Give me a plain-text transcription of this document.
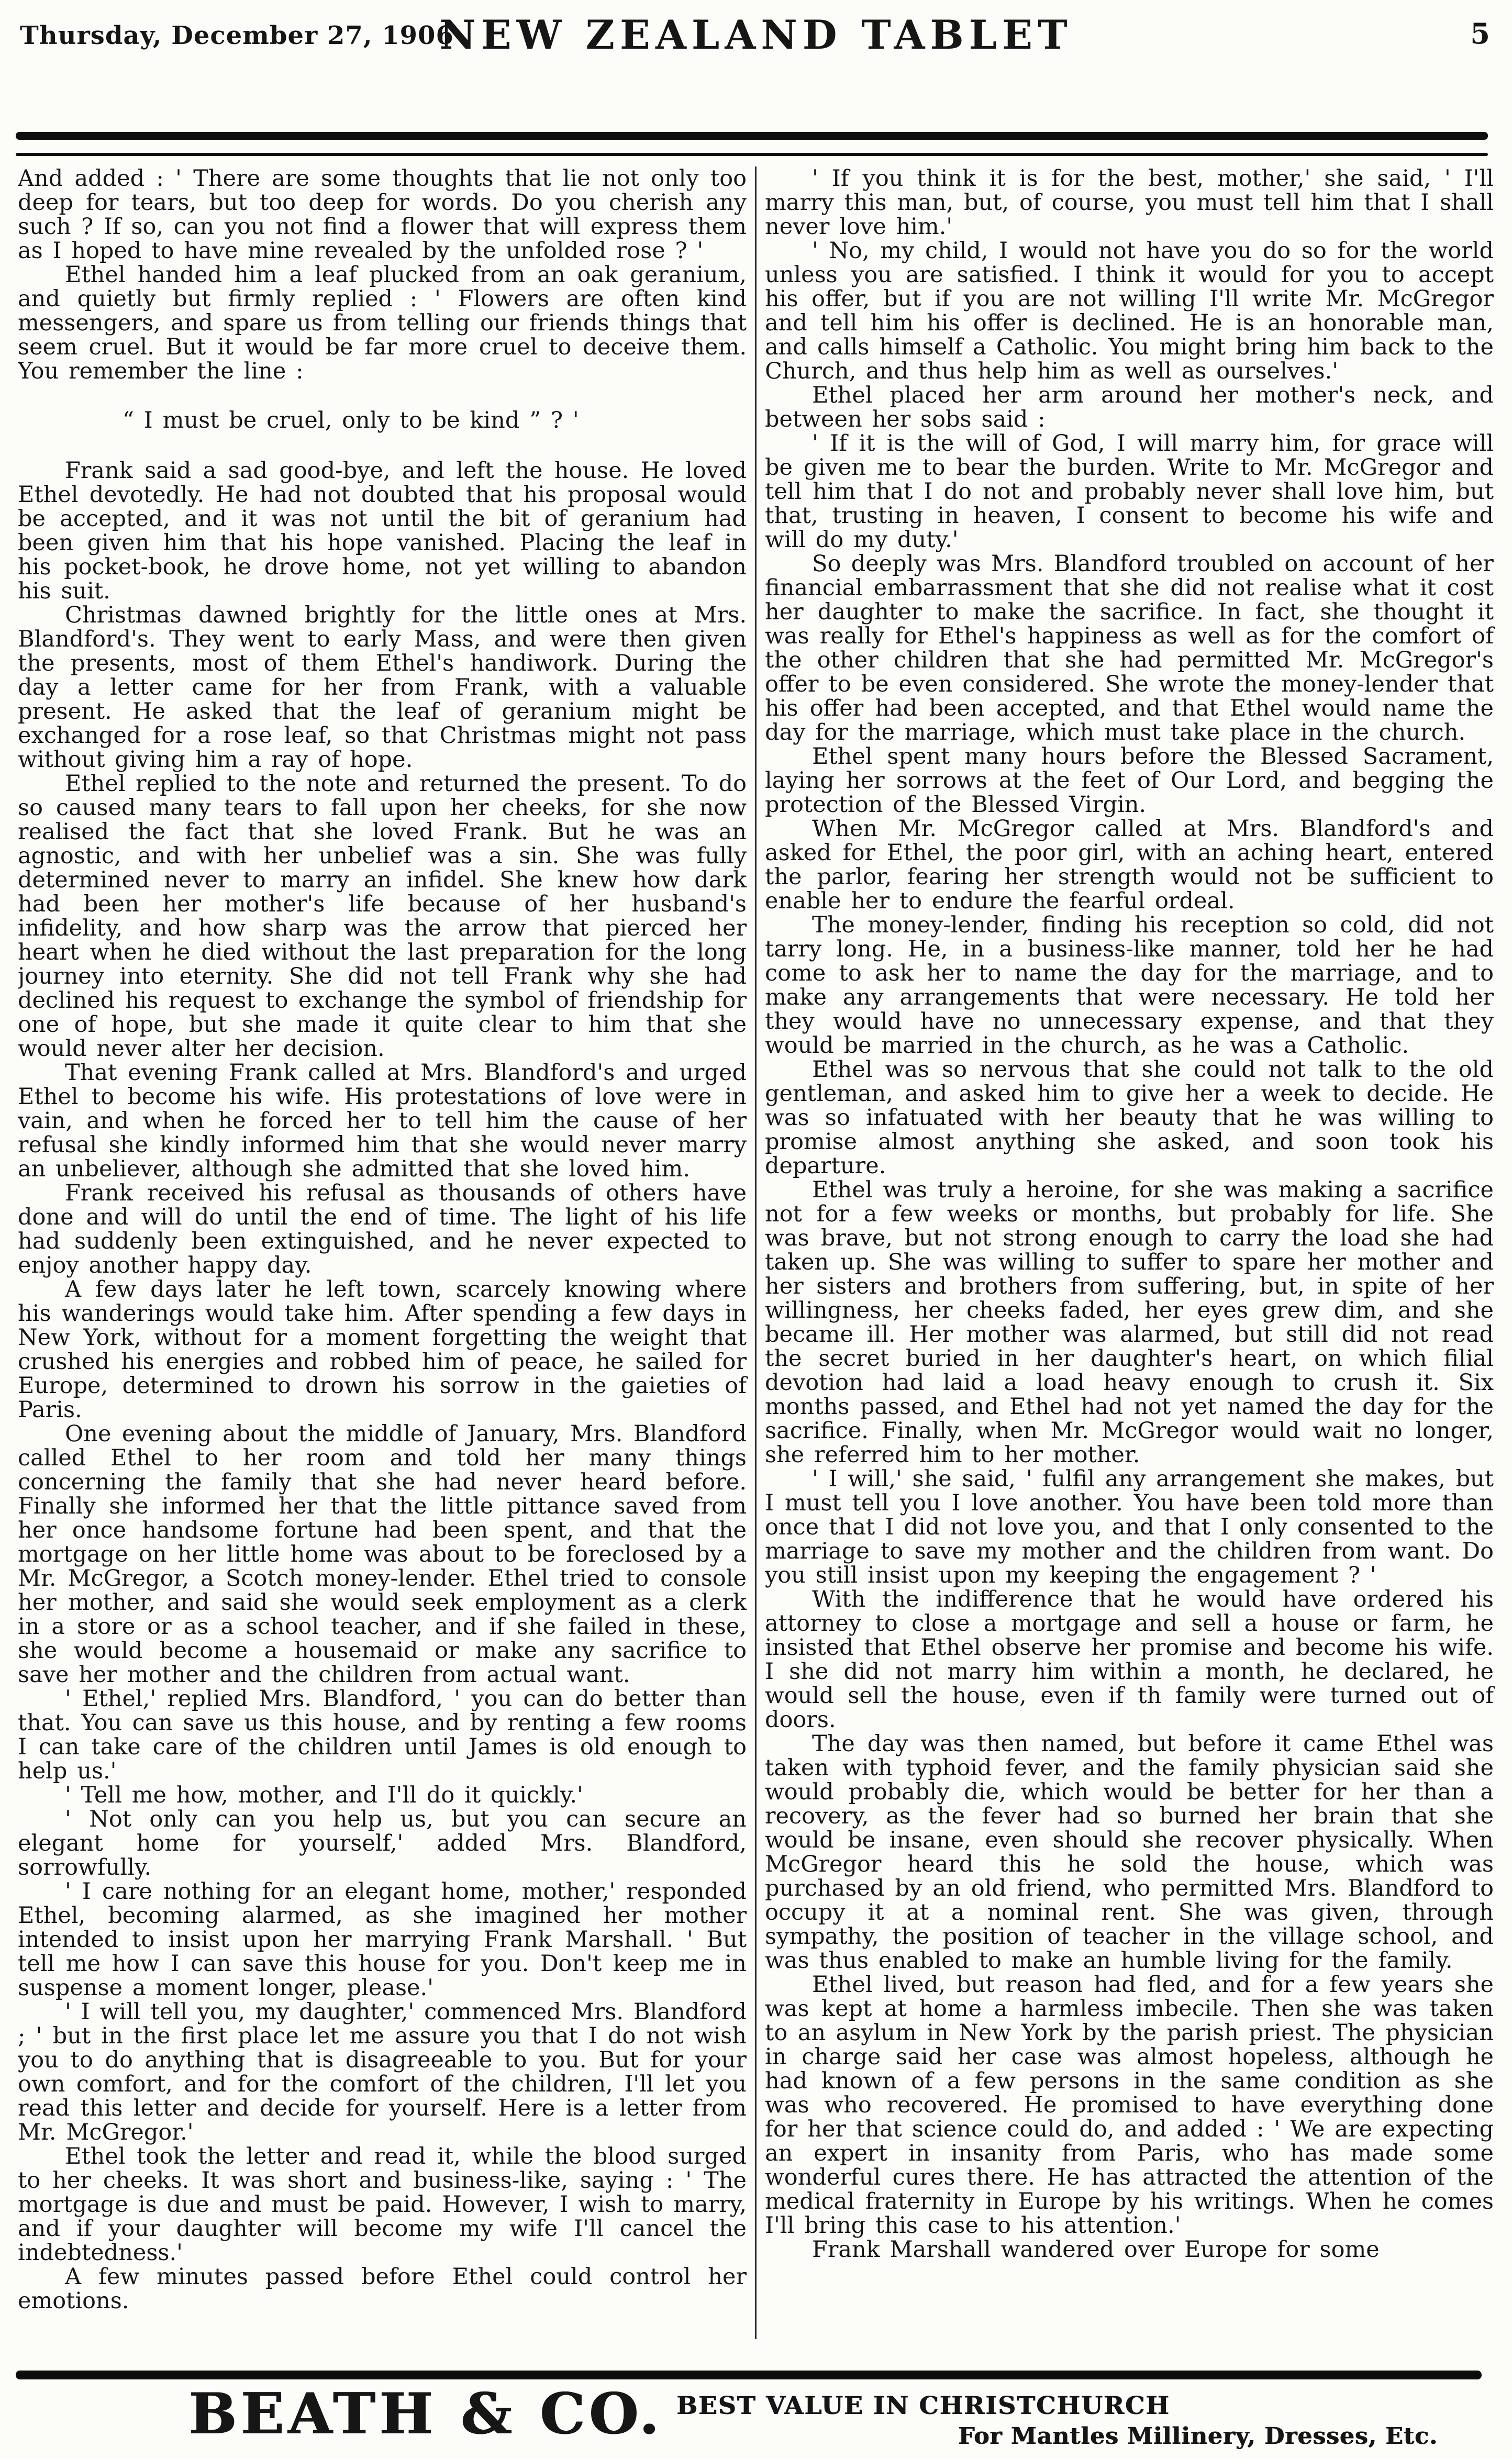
Thursday, December 27, 1906
NEW ZEALAND TABLET	5

And added : ' There are some thoughts that lie not only too deep for tears, but too deep for words. Do you cherish any such ? If so, can you not find a flower that will express them as I hoped to have mine revealed by the unfolded rose ? '

Ethel handed him a leaf plucked from an oak geranium, and quietly but firmly replied : ' Flowers are often kind messengers, and spare us from telling our friends things that seem cruel. But it would be far more cruel to deceive them. You remember the line :

“ I must be cruel, only to be kind ” ? '

Frank said a sad good-bye, and left the house. He loved Ethel devotedly. He had not doubted that his proposal would be accepted, and it was not until the bit of geranium had been given him that his hope vanished. Placing the leaf in his pocket-book, he drove home, not yet willing to abandon his suit.

Christmas dawned brightly for the little ones at Mrs. Blandford's. They went to early Mass, and were then given the presents, most of them Ethel's handiwork. During the day a letter came for her from Frank, with a valuable present. He asked that the leaf of geranium might be exchanged for a rose leaf, so that Christmas might not pass without giving him a ray of hope.

Ethel replied to the note and returned the present. To do so caused many tears to fall upon her cheeks, for she now realised the fact that she loved Frank. But he was an agnostic, and with her unbelief was a sin. She was fully determined never to marry an infidel. She knew how dark had been her mother's life because of her husband's infidelity, and how sharp was the arrow that pierced her heart when he died without the last preparation for the long journey into eternity. She did not tell Frank why she had declined his request to exchange the symbol of friendship for one of hope, but she made it quite clear to him that she would never alter her decision.

That evening Frank called at Mrs. Blandford's and urged Ethel to become his wife. His protestations of love were in vain, and when he forced her to tell him the cause of her refusal she kindly informed him that she would never marry an unbeliever, although she admitted that she loved him.

Frank received his refusal as thousands of others have done and will do until the end of time. The light of his life had suddenly been extinguished, and he never expected to enjoy another happy day.

A few days later he left town, scarcely knowing where his wanderings would take him. After spending a few days in New York, without for a moment forgetting the weight that crushed his energies and robbed him of peace, he sailed for Europe, determined to drown his sorrow in the gaieties of Paris.

One evening about the middle of January, Mrs. Blandford called Ethel to her room and told her many things concerning the family that she had never heard before. Finally she informed her that the little pittance saved from her once handsome fortune had been spent, and that the mortgage on her little home was about to be foreclosed by a Mr. McGregor, a Scotch money-lender. Ethel tried to console her mother, and said she would seek employment as a clerk in a store or as a school teacher, and if she failed in these, she would become a housemaid or make any sacrifice to save her mother and the children from actual want.

' Ethel,' replied Mrs. Blandford, ' you can do better than that. You can save us this house, and by renting a few rooms I can take care of the children until James is old enough to help us.'

' Tell me how, mother, and I'll do it quickly.'

' Not only can you help us, but you can secure an elegant home for yourself,' added Mrs. Blandford, sorrowfully.

' I care nothing for an elegant home, mother,' responded Ethel, becoming alarmed, as she imagined her mother intended to insist upon her marrying Frank Marshall. ' But tell me how I can save this house for you. Don't keep me in suspense a moment longer, please.'

' I will tell you, my daughter,' commenced Mrs. Blandford ; ' but in the first place let me assure you that I do not wish you to do anything that is disagreeable to you. But for your own comfort, and for the comfort of the children, I'll let you read this letter and decide for yourself. Here is a letter from Mr. McGregor.'

Ethel took the letter and read it, while the blood surged to her cheeks. It was short and business-like, saying : ' The mortgage is due and must be paid. However, I wish to marry, and if your daughter will become my wife I'll cancel the indebtedness.'

A few minutes passed before Ethel could control her emotions.

' If you think it is for the best, mother,' she said, ' I'll marry this man, but, of course, you must tell him that I shall never love him.'

' No, my child, I would not have you do so for the world unless you are satisfied. I think it would for you to accept his offer, but if you are not willing I'll write Mr. McGregor and tell him his offer is declined. He is an honorable man, and calls himself a Catholic. You might bring him back to the Church, and thus help him as well as ourselves.'

Ethel placed her arm around her mother's neck, and between her sobs said :

' If it is the will of God, I will marry him, for grace will be given me to bear the burden. Write to Mr. McGregor and tell him that I do not and probably never shall love him, but that, trusting in heaven, I consent to become his wife and will do my duty.'

So deeply was Mrs. Blandford troubled on account of her financial embarrassment that she did not realise what it cost her daughter to make the sacrifice. In fact, she thought it was really for Ethel's happiness as well as for the comfort of the other children that she had permitted Mr. McGregor's offer to be even considered. She wrote the money-lender that his offer had been accepted, and that Ethel would name the day for the marriage, which must take place in the church.

Ethel spent many hours before the Blessed Sacrament, laying her sorrows at the feet of Our Lord, and begging the protection of the Blessed Virgin.

When Mr. McGregor called at Mrs. Blandford's and asked for Ethel, the poor girl, with an aching heart, entered the parlor, fearing her strength would not be sufficient to enable her to endure the fearful ordeal.

The money-lender, finding his reception so cold, did not tarry long. He, in a business-like manner, told her he had come to ask her to name the day for the marriage, and to make any arrangements that were necessary. He told her they would have no unnecessary expense, and that they would be married in the church, as he was a Catholic.

Ethel was so nervous that she could not talk to the old gentleman, and asked him to give her a week to decide. He was so infatuated with her beauty that he was willing to promise almost anything she asked, and soon took his departure.

Ethel was truly a heroine, for she was making a sacrifice not for a few weeks or months, but probably for life. She was brave, but not strong enough to carry the load she had taken up. She was willing to suffer to spare her mother and her sisters and brothers from suffering, but, in spite of her willingness, her cheeks faded, her eyes grew dim, and she became ill. Her mother was alarmed, but still did not read the secret buried in her daughter's heart, on which filial devotion had laid a load heavy enough to crush it. Six months passed, and Ethel had not yet named the day for the sacrifice. Finally, when Mr. McGregor would wait no longer, she referred him to her mother.

' I will,' she said, ' fulfil any arrangement she makes, but I must tell you I love another. You have been told more than once that I did not love you, and that I only consented to the marriage to save my mother and the children from want. Do you still insist upon my keeping the engagement ? '

With the indifference that he would have ordered his attorney to close a mortgage and sell a house or farm, he insisted that Ethel observe her promise and become his wife. I she did not marry him within a month, he declared, he would sell the house, even if th family were turned out of doors.

The day was then named, but before it came Ethel was taken with typhoid fever, and the family physician said she would probably die, which would be better for her than a recovery, as the fever had so burned her brain that she would be insane, even should she recover physically. When McGregor heard this he sold the house, which was purchased by an old friend, who permitted Mrs. Blandford to occupy it at a nominal rent. She was given, through sympathy, the position of teacher in the village school, and was thus enabled to make an humble living for the family.

Ethel lived, but reason had fled, and for a few years she was kept at home a harmless imbecile. Then she was taken to an asylum in New York by the parish priest. The physician in charge said her case was almost hopeless, although he had known of a few persons in the same condition as she was who recovered. He promised to have everything done for her that science could do, and added : ' We are expecting an expert in insanity from Paris, who has made some wonderful cures there. He has attracted the attention of the medical fraternity in Europe by his writings. When he comes I'll bring this case to his attention.'

Frank Marshall wandered over Europe for some

BEATH & CO. BEST VALUE IN CHRISTCHURCH
For Mantles Millinery, Dresses, Etc.
